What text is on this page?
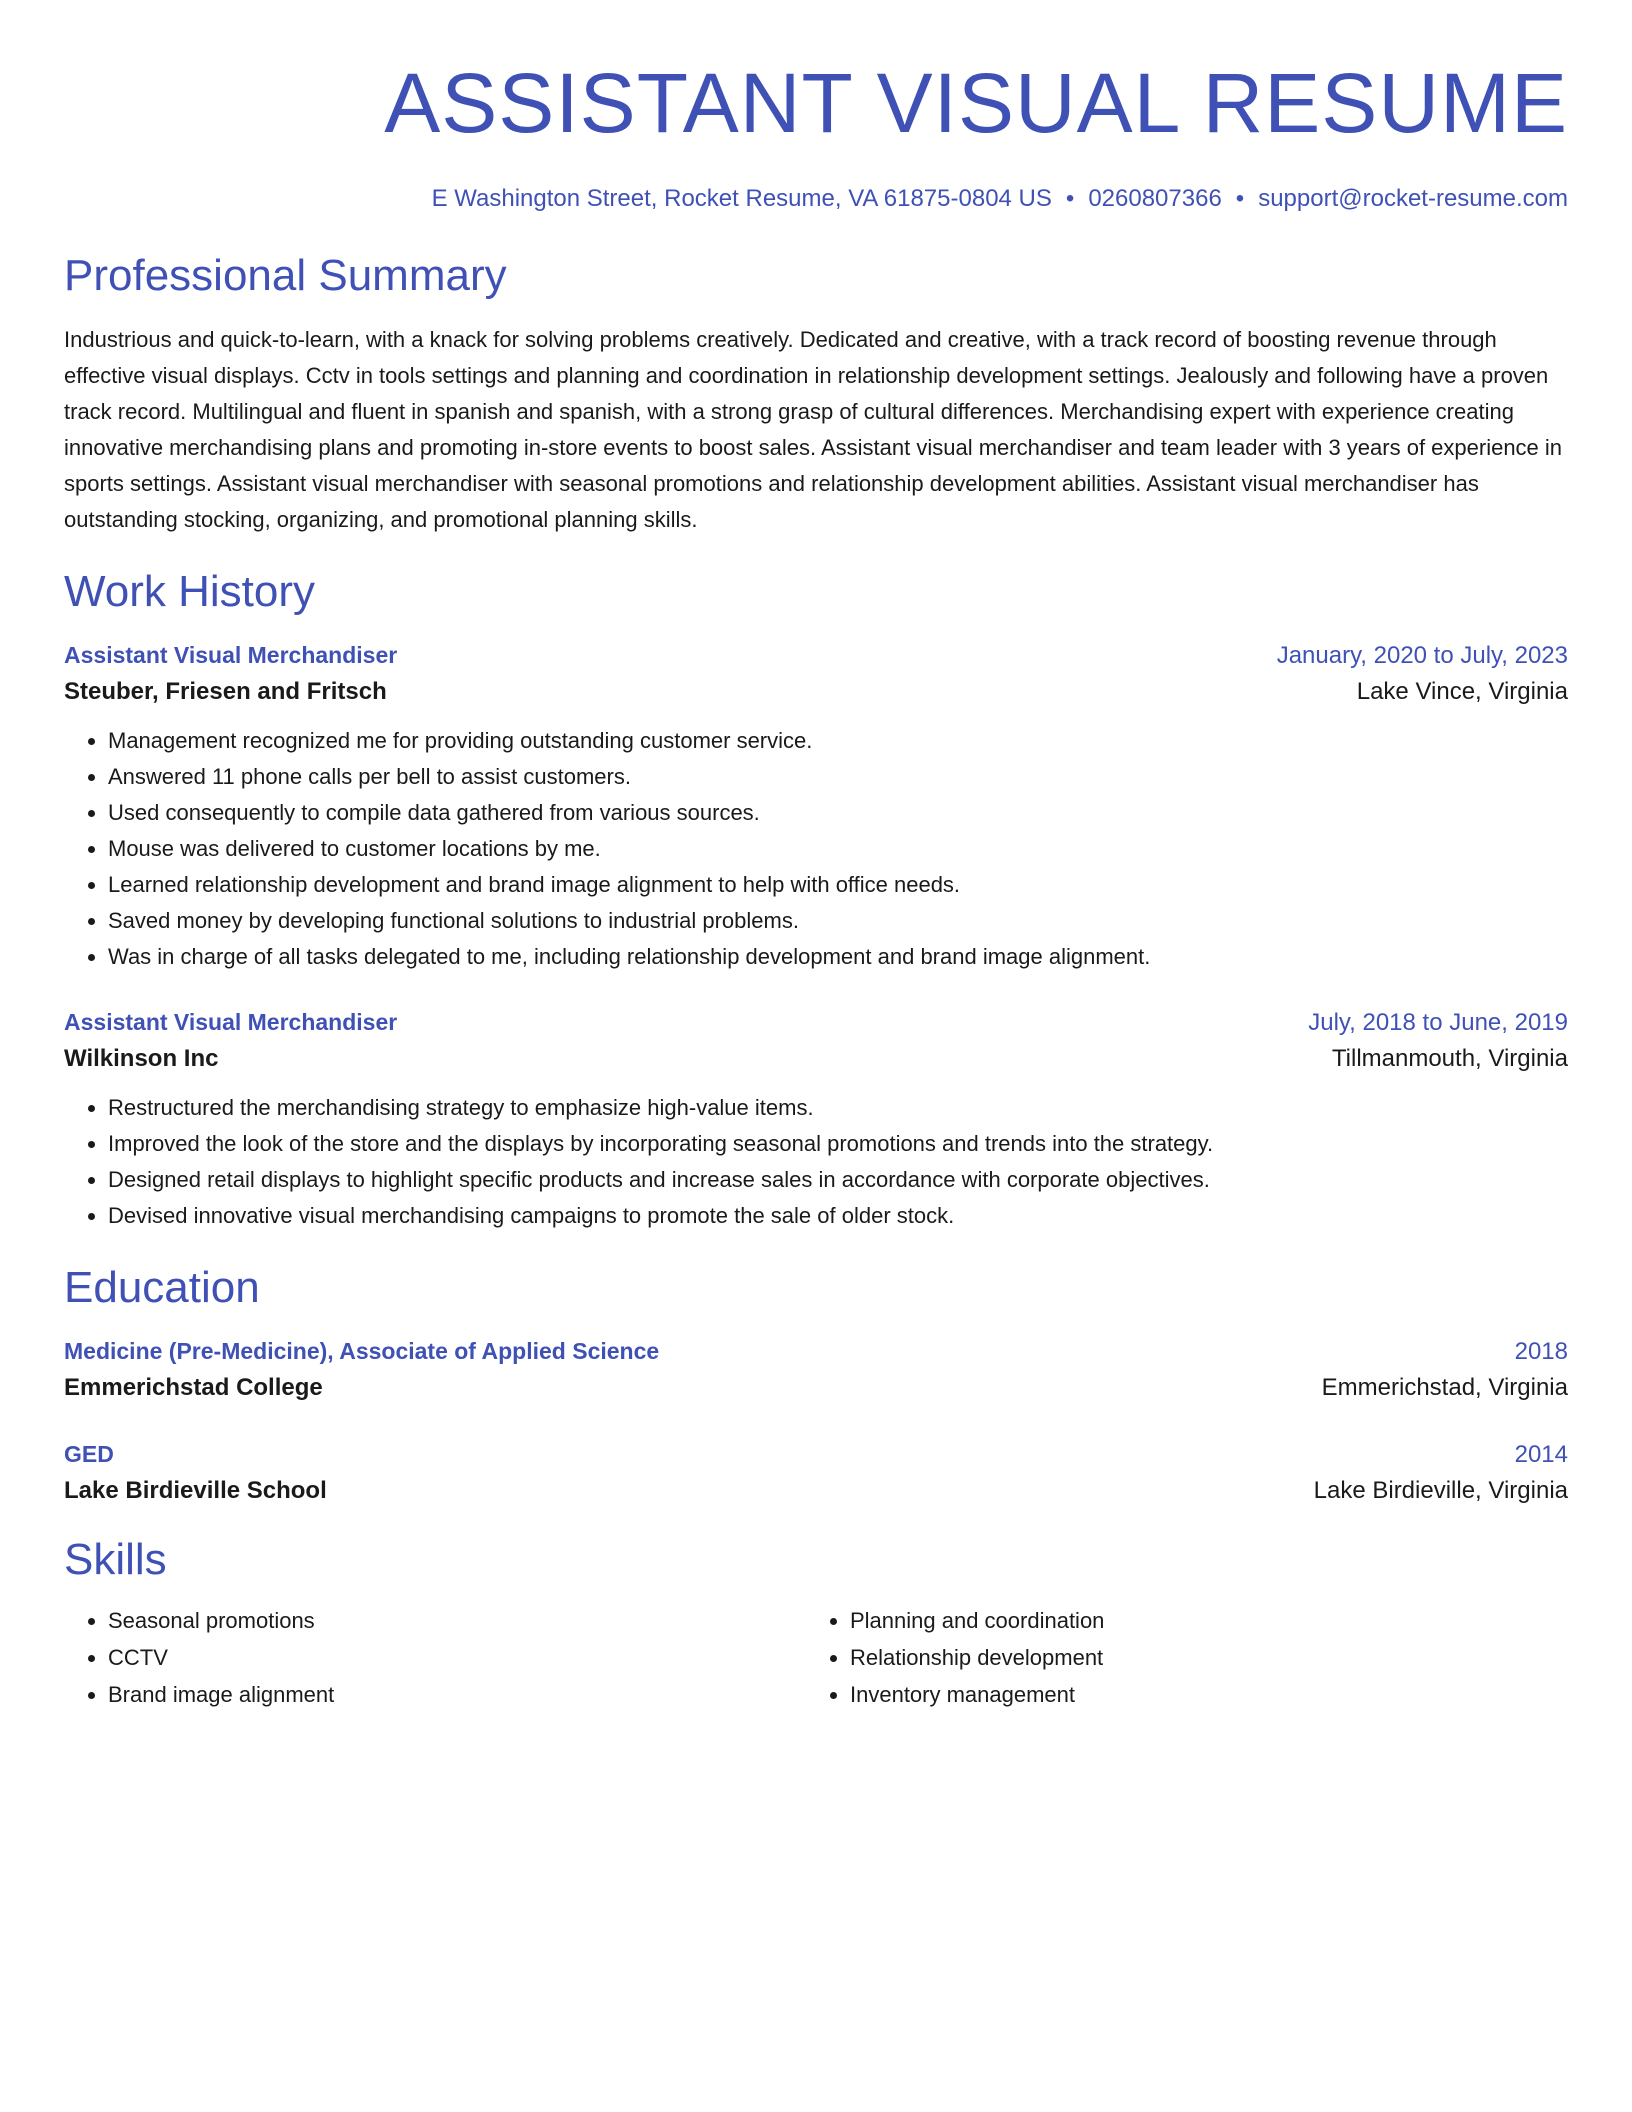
ASSISTANT VISUAL RESUME
E Washington Street, Rocket Resume, VA 61875-0804 US • 0260807366 • support@rocket-resume.com
Professional Summary
Industrious and quick-to-learn, with a knack for solving problems creatively. Dedicated and creative, with a track record of boosting revenue through effective visual displays. Cctv in tools settings and planning and coordination in relationship development settings. Jealously and following have a proven track record. Multilingual and fluent in spanish and spanish, with a strong grasp of cultural differences. Merchandising expert with experience creating innovative merchandising plans and promoting in-store events to boost sales. Assistant visual merchandiser and team leader with 3 years of experience in sports settings. Assistant visual merchandiser with seasonal promotions and relationship development abilities. Assistant visual merchandiser has outstanding stocking, organizing, and promotional planning skills.
Work History
Assistant Visual Merchandiser	January, 2020 to July, 2023
Steuber, Friesen and Fritsch	Lake Vince, Virginia
• Management recognized me for providing outstanding customer service.
• Answered 11 phone calls per bell to assist customers.
• Used consequently to compile data gathered from various sources.
• Mouse was delivered to customer locations by me.
• Learned relationship development and brand image alignment to help with office needs.
• Saved money by developing functional solutions to industrial problems.
• Was in charge of all tasks delegated to me, including relationship development and brand image alignment.
Assistant Visual Merchandiser	July, 2018 to June, 2019
Wilkinson Inc	Tillmanmouth, Virginia
• Restructured the merchandising strategy to emphasize high-value items.
• Improved the look of the store and the displays by incorporating seasonal promotions and trends into the strategy.
• Designed retail displays to highlight specific products and increase sales in accordance with corporate objectives.
• Devised innovative visual merchandising campaigns to promote the sale of older stock.
Education
Medicine (Pre-Medicine), Associate of Applied Science	2018
Emmerichstad College	Emmerichstad, Virginia
GED	2014
Lake Birdieville School	Lake Birdieville, Virginia
Skills
• Seasonal promotions
• CCTV
• Brand image alignment
• Planning and coordination
• Relationship development
• Inventory management
